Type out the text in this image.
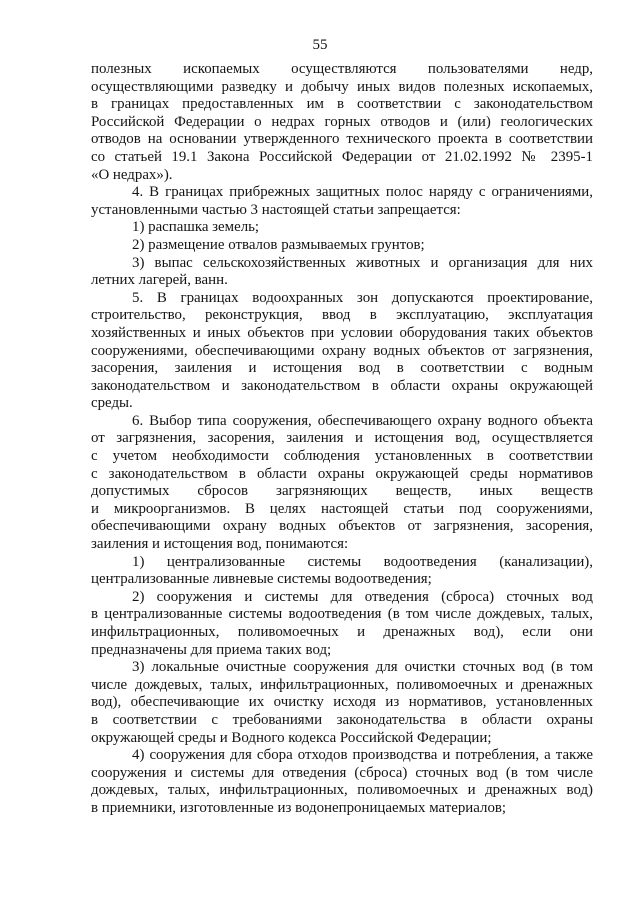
55
полезных ископаемых осуществляются пользователями недр,
осуществляющими разведку и добычу иных видов полезных ископаемых,
в границах предоставленных им в соответствии с законодательством
Российской Федерации о недрах горных отводов и (или) геологических
отводов на основании утвержденного технического проекта в соответствии
со статьей 19.1 Закона Российской Федерации от 21.02.1992 № 2395-1
«О недрах»).
4. В границах прибрежных защитных полос наряду с ограничениями,
установленными частью 3 настоящей статьи запрещается:
1) распашка земель;
2) размещение отвалов размываемых грунтов;
3) выпас сельскохозяйственных животных и организация для них
летних лагерей, ванн.
5. В границах водоохранных зон допускаются проектирование,
строительство, реконструкция, ввод в эксплуатацию, эксплуатация
хозяйственных и иных объектов при условии оборудования таких объектов
сооружениями, обеспечивающими охрану водных объектов от загрязнения,
засорения, заиления и истощения вод в соответствии с водным
законодательством и законодательством в области охраны окружающей
среды.
6. Выбор типа сооружения, обеспечивающего охрану водного объекта
от загрязнения, засорения, заиления и истощения вод, осуществляется
с учетом необходимости соблюдения установленных в соответствии
с законодательством в области охраны окружающей среды нормативов
допустимых сбросов загрязняющих веществ, иных веществ
и микроорганизмов. В целях настоящей статьи под сооружениями,
обеспечивающими охрану водных объектов от загрязнения, засорения,
заиления и истощения вод, понимаются:
1) централизованные системы водоотведения (канализации),
централизованные ливневые системы водоотведения;
2) сооружения и системы для отведения (сброса) сточных вод
в централизованные системы водоотведения (в том числе дождевых, талых,
инфильтрационных, поливомоечных и дренажных вод), если они
предназначены для приема таких вод;
3) локальные очистные сооружения для очистки сточных вод (в том
числе дождевых, талых, инфильтрационных, поливомоечных и дренажных
вод), обеспечивающие их очистку исходя из нормативов, установленных
в соответствии с требованиями законодательства в области охраны
окружающей среды и Водного кодекса Российской Федерации;
4) сооружения для сбора отходов производства и потребления, а также
сооружения и системы для отведения (сброса) сточных вод (в том числе
дождевых, талых, инфильтрационных, поливомоечных и дренажных вод)
в приемники, изготовленные из водонепроницаемых материалов;
